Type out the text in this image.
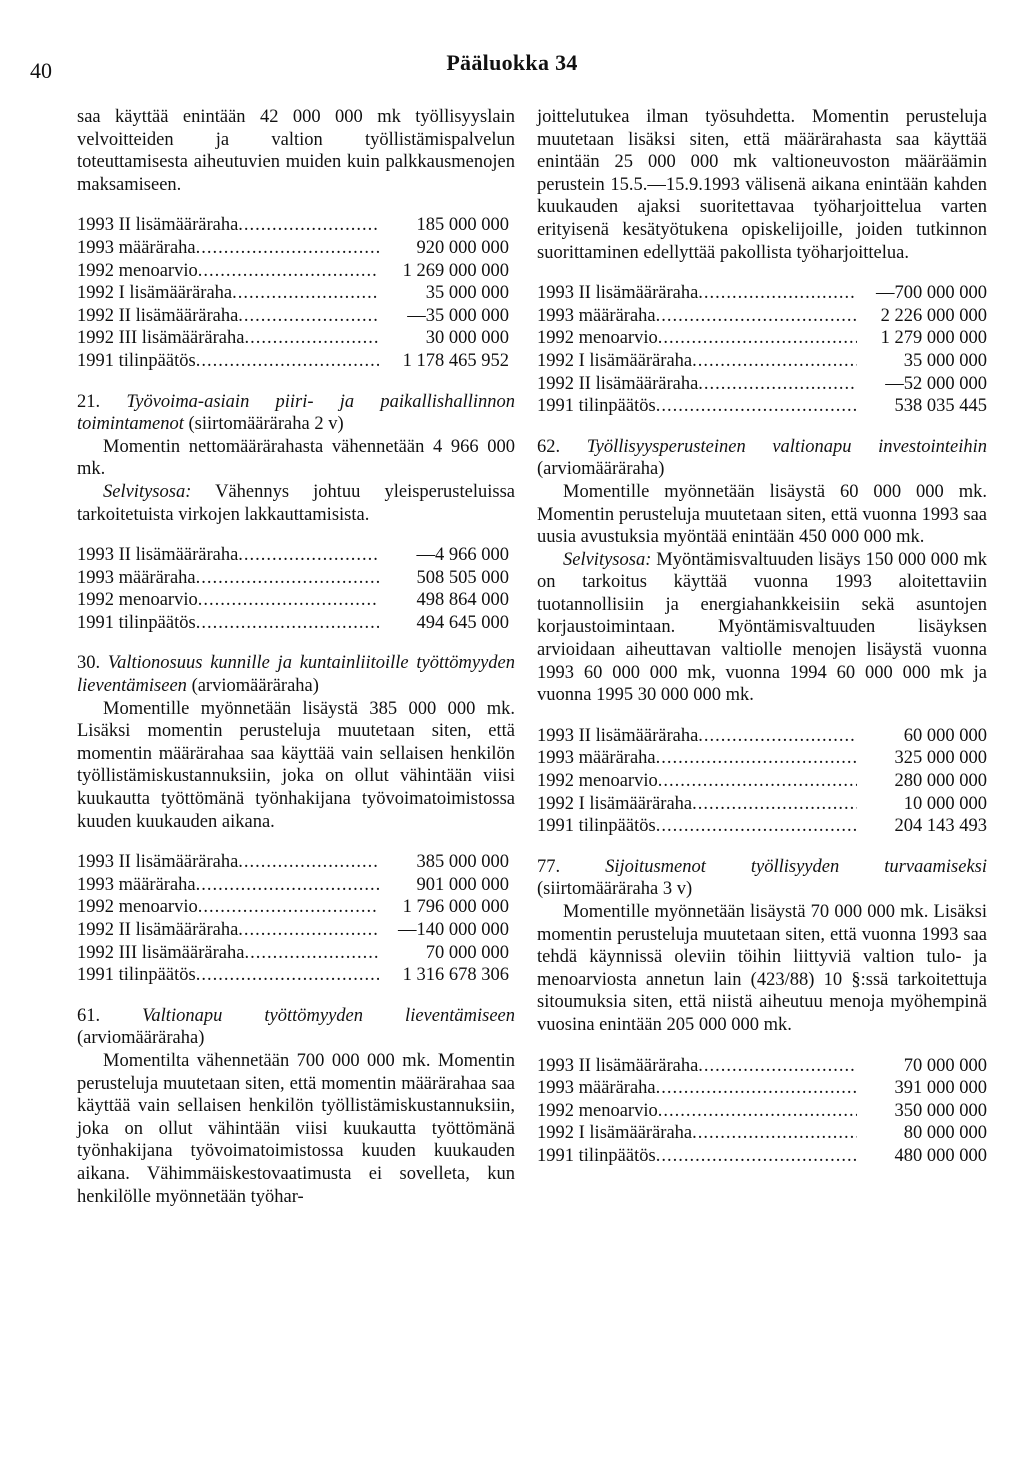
40	Pääluokka 34

saa käyttää enintään 42 000 000 mk työllisyyslain velvoitteiden ja valtion työllistämispalvelun toteuttamisesta aiheutuvien muiden kuin palkkausmenojen maksamiseen.

1993 II lisämääräraha .....	185 000 000
1993 määräraha .....	920 000 000
1992 menoarvio .....	1 269 000 000
1992 I lisämääräraha .....	35 000 000
1992 II lisämääräraha .....	—35 000 000
1992 III lisämääräraha .....	30 000 000
1991 tilinpäätös .....	1 178 465 952

21. Työvoima-asiain piiri- ja paikallishallinnon toimintamenot (siirtomääräraha 2 v)

Momentin nettomäärärahasta vähennetään 4 966 000 mk.

Selvitysosa: Vähennys johtuu yleisperusteluissa tarkoitetuista virkojen lakkauttamisista.

1993 II lisämääräraha .....	—4 966 000
1993 määräraha .....	508 505 000
1992 menoarvio .....	498 864 000
1991 tilinpäätös .....	494 645 000

30. Valtionosuus kunnille ja kuntainliitoille työttömyyden lieventämiseen (arviomääräraha)

Momentille myönnetään lisäystä 385 000 000 mk. Lisäksi momentin perusteluja muutetaan siten, että momentin määrärahaa saa käyttää vain sellaisen henkilön työllistämiskustannuksiin, joka on ollut vähintään viisi kuukautta työttömänä työnhakijana työvoimatoimistossa kuuden kuukauden aikana.

1993 II lisämääräraha .....	385 000 000
1993 määräraha .....	901 000 000
1992 menoarvio .....	1 796 000 000
1992 II lisämääräraha .....	—140 000 000
1992 III lisämääräraha .....	70 000 000
1991 tilinpäätös .....	1 316 678 306

61. Valtionapu työttömyyden lieventämiseen (arviomääräraha)

Momentilta vähennetään 700 000 000 mk. Momentin perusteluja muutetaan siten, että momentin määrärahaa saa käyttää vain sellaisen henkilön työllistämiskustannuksiin, joka on ollut vähintään viisi kuukautta työttömänä työnhakijana työvoimatoimistossa kuuden kuukauden aikana. Vähimmäiskestovaatimusta ei sovelleta, kun henkilölle myönnetään työhar-

joittelutukea ilman työsuhdetta. Momentin perusteluja muutetaan lisäksi siten, että määrärahasta saa käyttää enintään 25 000 000 mk valtioneuvoston määräämin perustein 15.5.—15.9.1993 välisenä aikana enintään kahden kuukauden ajaksi suoritettavaa työharjoittelua varten erityisenä kesätyötukena opiskelijoille, joiden tutkinnon suorittaminen edellyttää pakollista työharjoittelua.

1993 II lisämääräraha .....	—700 000 000
1993 määräraha .....	2 226 000 000
1992 menoarvio .....	1 279 000 000
1992 I lisämääräraha .....	35 000 000
1992 II lisämääräraha .....	—52 000 000
1991 tilinpäätös .....	538 035 445

62. Työllisyysperusteinen valtionapu investointeihin (arviomääräraha)

Momentille myönnetään lisäystä 60 000 000 mk. Momentin perusteluja muutetaan siten, että vuonna 1993 saa uusia avustuksia myöntää enintään 450 000 000 mk.

Selvitysosa: Myöntämisvaltuuden lisäys 150 000 000 mk on tarkoitus käyttää vuonna 1993 aloitettaviin tuotannollisiin ja energiahankkeisiin sekä asuntojen korjaustoimintaan. Myöntämisvaltuuden lisäyksen arvioidaan aiheuttavan valtiolle menojen lisäystä vuonna 1993 60 000 000 mk, vuonna 1994 60 000 000 mk ja vuonna 1995 30 000 000 mk.

1993 II lisämääräraha .....	60 000 000
1993 määräraha .....	325 000 000
1992 menoarvio .....	280 000 000
1992 I lisämääräraha .....	10 000 000
1991 tilinpäätös .....	204 143 493

77. Sijoitusmenot työllisyyden turvaamiseksi (siirtomääräraha 3 v)

Momentille myönnetään lisäystä 70 000 000 mk. Lisäksi momentin perusteluja muutetaan siten, että vuonna 1993 saa tehdä käynnissä oleviin töihin liittyviä valtion tulo- ja menoarviosta annetun lain (423/88) 10 §:ssä tarkoitettuja sitoumuksia siten, että niistä aiheutuu menoja myöhempinä vuosina enintään 205 000 000 mk.

1993 II lisämääräraha .....	70 000 000
1993 määräraha .....	391 000 000
1992 menoarvio .....	350 000 000
1992 I lisämääräraha .....	80 000 000
1991 tilinpäätös .....	480 000 000
